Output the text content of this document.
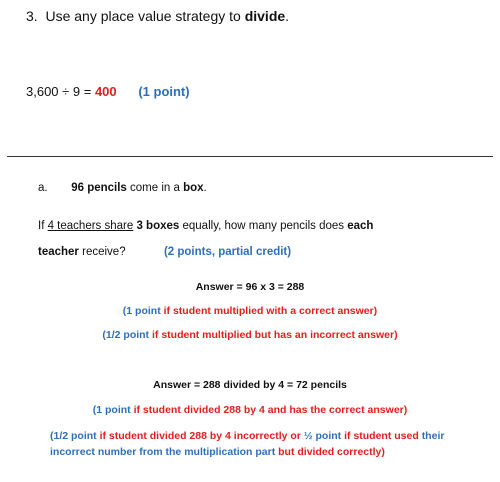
3. Use any place value strategy to divide.
3,600 ÷ 9 = 400 (1 point)
a. 96 pencils come in a box.
If 4 teachers share 3 boxes equally, how many pencils does each
teacher receive?	(2 points, partial credit)
Answer = 96 x 3 = 288
(1 point if student multiplied with a correct answer)
(1/2 point if student multiplied but has an incorrect answer)
Answer = 288 divided by 4 = 72 pencils
(1 point if student divided 288 by 4 and has the correct answer)
(1/2 point if student divided 288 by 4 incorrectly or ½ point if student used their incorrect number from the multiplication part but divided correctly)
